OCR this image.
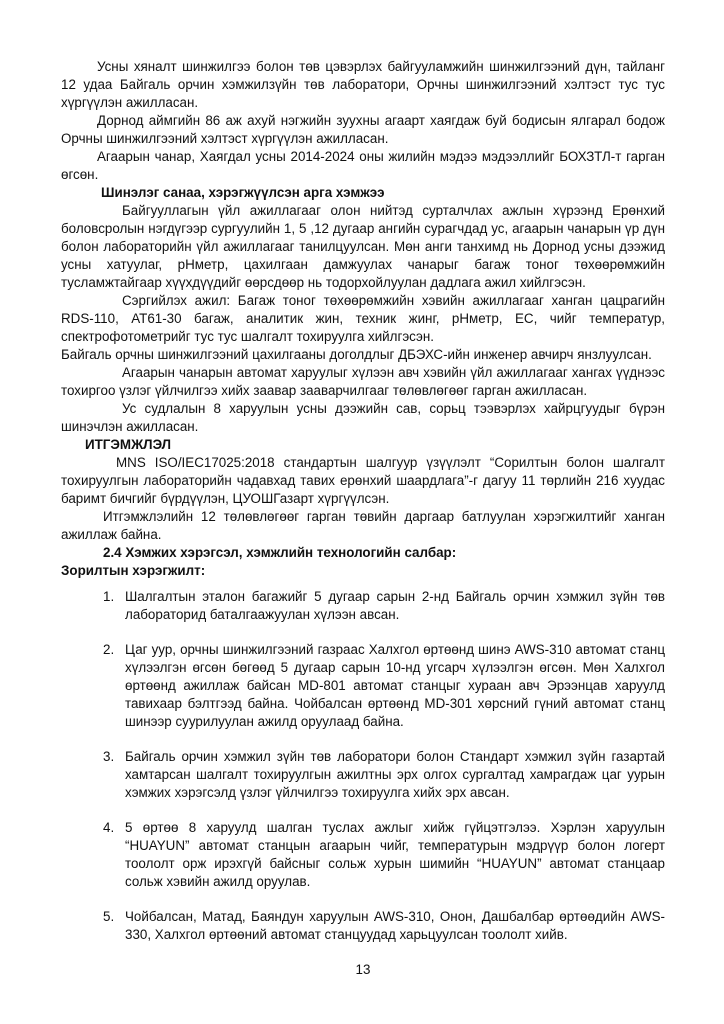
Усны хяналт шинжилгээ болон төв цэвэрлэх байгууламжийн шинжилгээний дүн, тайланг 12 удаа Байгаль орчин хэмжилзүйн төв лаборатори, Орчны шинжилгээний хэлтэст тус тус хүргүүлэн ажилласан.

Дорнод аймгийн 86 аж ахуй нэгжийн зуухны агаарт хаягдаж буй бодисын ялгарал бодож Орчны шинжилгээний хэлтэст хүргүүлэн ажилласан.

Агаарын чанар, Хаягдал усны 2014-2024 оны жилийн мэдээ мэдээллийг БОХЗТЛ-т гарган өгсөн.

Шинэлэг санаа, хэрэгжүүлсэн арга хэмжээ

Байгууллагын үйл ажиллагааг олон нийтэд сурталчлах ажлын хүрээнд Ерөнхий боловсролын нэгдүгээр сургуулийн 1, 5 ,12 дугаар ангийн сурагчдад ус, агаарын чанарын үр дүн болон лабораторийн үйл ажиллагааг танилцуулсан. Мөн анги танхимд нь Дорнод усны дээжид усны хатуулаг, рНметр, цахилгаан дамжуулах чанарыг багаж тоног төхөөрөмжийн тусламжтайгаар хүүхдүүдийг өөрсдөөр нь тодорхойлуулан дадлага ажил хийлгэсэн.

Сэргийлэх ажил: Багаж тоног төхөөрөмжийн хэвийн ажиллагааг ханган цацрагийн RDS-110, АТ61-30 багаж, аналитик жин, техник жинг, рНметр, ЕС, чийг температур, спектрофотометрийг тус тус шалгалт тохируулга хийлгэсэн.

Байгаль орчны шинжилгээний цахилгааны доголдлыг ДБЭХС-ийн инженер авчирч янзлуулсан.

Агаарын чанарын автомат харуулыг хүлээн авч хэвийн үйл ажиллагааг хангах үүднээс тохиргоо үзлэг үйлчилгээ хийх заавар зааварчилгааг төлөвлөгөөг гарган ажилласан.

Ус судлалын 8 харуулын усны дээжийн сав, сорьц тээвэрлэх хайрцгуудыг бүрэн шинэчлэн ажилласан.

ИТГЭМЖЛЭЛ

MNS ISO/IEC17025:2018 стандартын шалгуур үзүүлэлт “Сорилтын болон шалгалт тохируулгын лабораторийн чадавхад тавих ерөнхий шаардлага”-г дагуу 11 төрлийн 216 хуудас баримт бичгийг бүрдүүлэн, ЦУОШГазарт хүргүүлсэн.

Итгэмжлэлийн 12 төлөвлөгөөг гарган төвийн даргаар батлуулан хэрэгжилтийг ханган ажиллаж байна.

2.4 Хэмжих хэрэгсэл, хэмжлийн технологийн салбар:

Зорилтын хэрэгжилт:

1. Шалгалтын эталон багажийг 5 дугаар сарын 2-нд Байгаль орчин хэмжил зүйн төв лабораторид баталгаажуулан хүлээн авсан.
2. Цаг уур, орчны шинжилгээний газраас Халхгол өртөөнд шинэ AWS-310 автомат станц хүлээлгэн өгсөн бөгөөд 5 дугаар сарын 10-нд угсарч хүлээлгэн өгсөн. Мөн Халхгол өртөөнд ажиллаж байсан MD-801 автомат станцыг хураан авч Эрээнцав харуулд тавихаар бэлтгээд байна. Чойбалсан өртөөнд MD-301 хөрсний гүний автомат станц шинээр суурилуулан ажилд оруулаад байна.
3. Байгаль орчин хэмжил зүйн төв лаборатори болон Стандарт хэмжил зүйн газартай хамтарсан шалгалт тохируулгын ажилтны эрх олгох сургалтад хамрагдаж цаг уурын хэмжих хэрэгсэлд үзлэг үйлчилгээ тохируулга хийх эрх авсан.
4. 5 өртөө 8 харуулд шалган туслах ажлыг хийж гүйцэтгэлээ. Хэрлэн харуулын “HUAYUN” автомат станцын агаарын чийг, температурын мэдрүүр болон логерт тоололт орж ирэхгүй байсныг сольж хурын шимийн “HUAYUN” автомат станцаар сольж хэвийн ажилд оруулав.
5. Чойбалсан, Матад, Баяндун харуулын AWS-310, Онон, Дашбалбар өртөөдийн AWS-330, Халхгол өртөөний автомат станцуудад харьцуулсан тоололт хийв.
13
